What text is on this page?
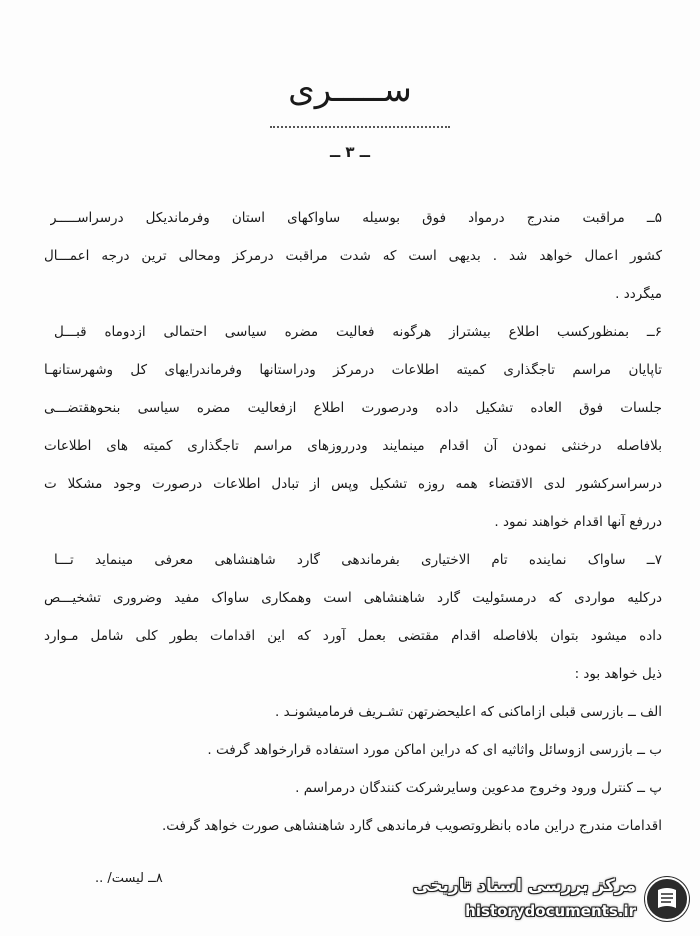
ســـــری
ــ ۳ ــ
۵ــ مراقبت مندرج درمواد فوق بوسیله ساواکهای استان وفرماندیکل درسراســـــر
کشور اعمال خواهد شد . بدیهی است که شدت مراقبت درمرکز ومحالی ترین درجه اعمـــال
میگردد .
۶ــ بمنظورکسب اطلاع بیشتراز هرگونه فعالیت مضره سیاسی احتمالی ازدوماه قبـــل
تاپایان مراسم تاجگذاری کمیته اطلاعات درمرکز ودراستانها وفرماندرایهای کل وشهرستانهـا
جلسات فوق العاده تشکیل داده ودرصورت اطلاع ازفعالیت مضره سیاسی بنحوهقتضـــی
بلافاصله درخنثی نمودن آن اقدام مینمایند ودرروزهای مراسم تاجگذاری کمیته های اطلاعات
درسراسرکشور لدی الاقتضاء همه روزه تشکیل وپس از تبادل اطلاعات درصورت وجود مشکلا ت
دررفع آنها اقدام خواهند نمود .
۷ــ ساواک نماینده تام الاختیاری بفرماندهی گارد شاهنشاهی معرفی مینماید تـــا
درکلیه مواردی که درمسئولیت گارد شاهنشاهی است وهمکاری ساواک مفید وضروری تشخیـــص
داده میشود بتوان بلافاصله اقدام مقتضی بعمل آورد که این اقدامات بطور کلی شامل مـوارد
ذیل خواهد بود :
الف ــ بازرسی قبلی ازاماکنی که اعلیحضرتهن تشـریف فرمامیشونـد .
ب ــ بازرسی ازوسائل واثاثیه ای که دراین اماکن مورد استفاده قرارخواهد گرفت .
پ ــ کنترل ورود وخروج مدعوین وسایرشرکت کنندگان درمراسم .
اقدامات مندرج دراین ماده بانظروتصویب فرماندهی گارد شاهنشاهی صورت خواهد گرفت.
۸ــ لیست/ ..	مرکز بررسی اسناد تاریخی
historydocuments.ir
